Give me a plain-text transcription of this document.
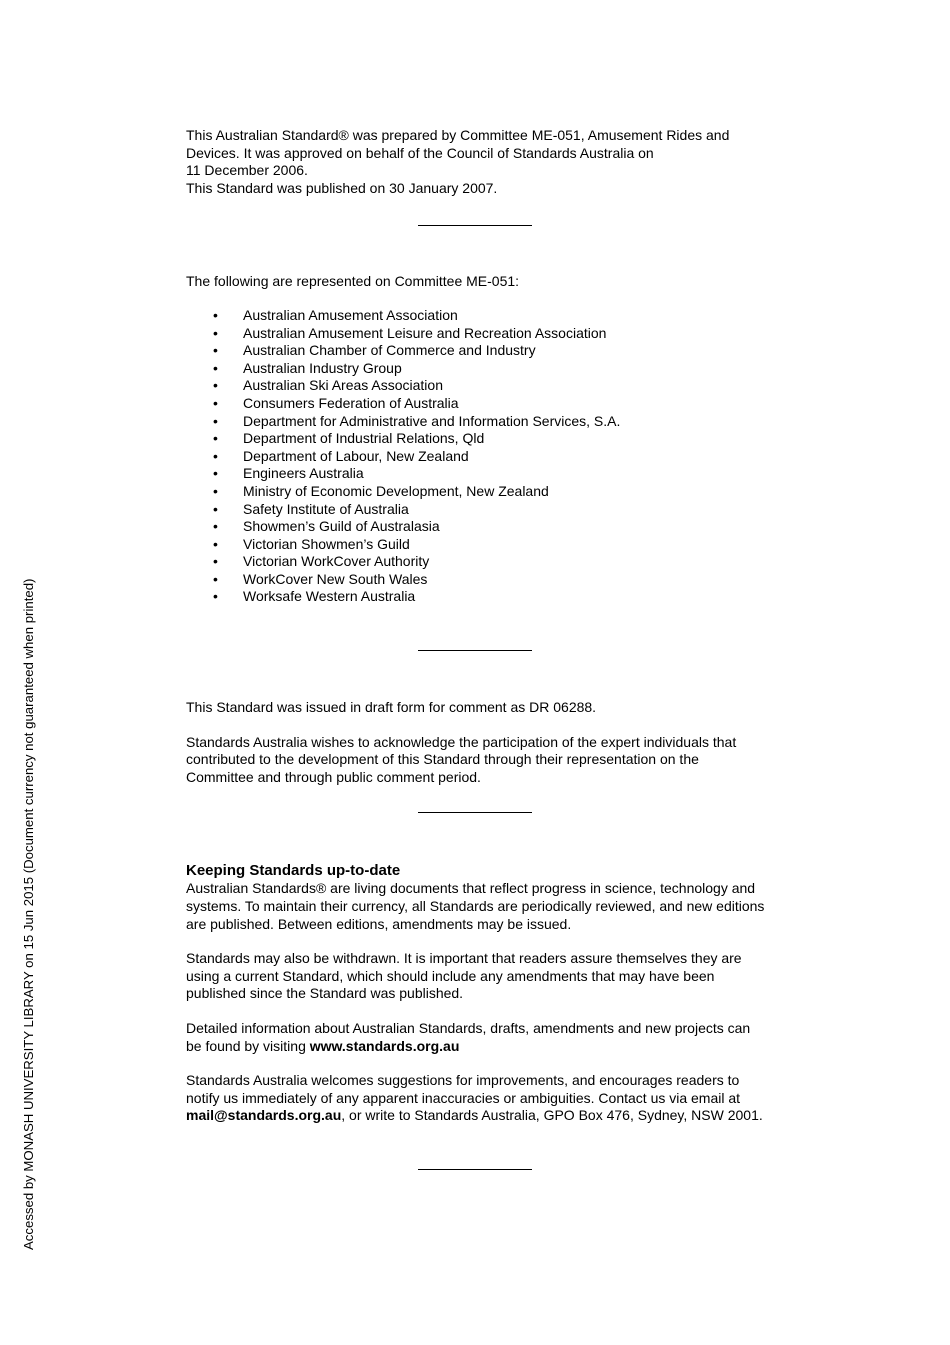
This Australian Standard® was prepared by Committee ME-051, Amusement Rides and

Devices. It was approved on behalf of the Council of Standards Australia on

11 December 2006.

This Standard was published on 30 January 2007.

The following are represented on Committee ME-051:

• Australian Amusement Association
• Australian Amusement Leisure and Recreation Association
• Australian Chamber of Commerce and Industry
• Australian Industry Group
• Australian Ski Areas Association
• Consumers Federation of Australia
• Department for Administrative and Information Services, S.A.
• Department of Industrial Relations, Qld
• Department of Labour, New Zealand
• Engineers Australia
• Ministry of Economic Development, New Zealand
• Safety Institute of Australia
• Showmen’s Guild of Australasia
• Victorian Showmen’s Guild
• Victorian WorkCover Authority
• WorkCover New South Wales
• Worksafe Western Australia

This Standard was issued in draft form for comment as DR 06288.

Standards Australia wishes to acknowledge the participation of the expert individuals that

contributed to the development of this Standard through their representation on the

Committee and through public comment period.

Keeping Standards up-to-date

Australian Standards® are living documents that reflect progress in science, technology and

systems. To maintain their currency, all Standards are periodically reviewed, and new editions

are published. Between editions, amendments may be issued.

Standards may also be withdrawn. It is important that readers assure themselves they are

using a current Standard, which should include any amendments that may have been

published since the Standard was published.

Detailed information about Australian Standards, drafts, amendments and new projects can

be found by visiting www.standards.org.au

Standards Australia welcomes suggestions for improvements, and encourages readers to

notify us immediately of any apparent inaccuracies or ambiguities. Contact us via email at

mail@standards.org.au, or write to Standards Australia, GPO Box 476, Sydney, NSW 2001.

Accessed by MONASH UNIVERSITY LIBRARY on 15 Jun 2015 (Document currency not guaranteed when printed)
